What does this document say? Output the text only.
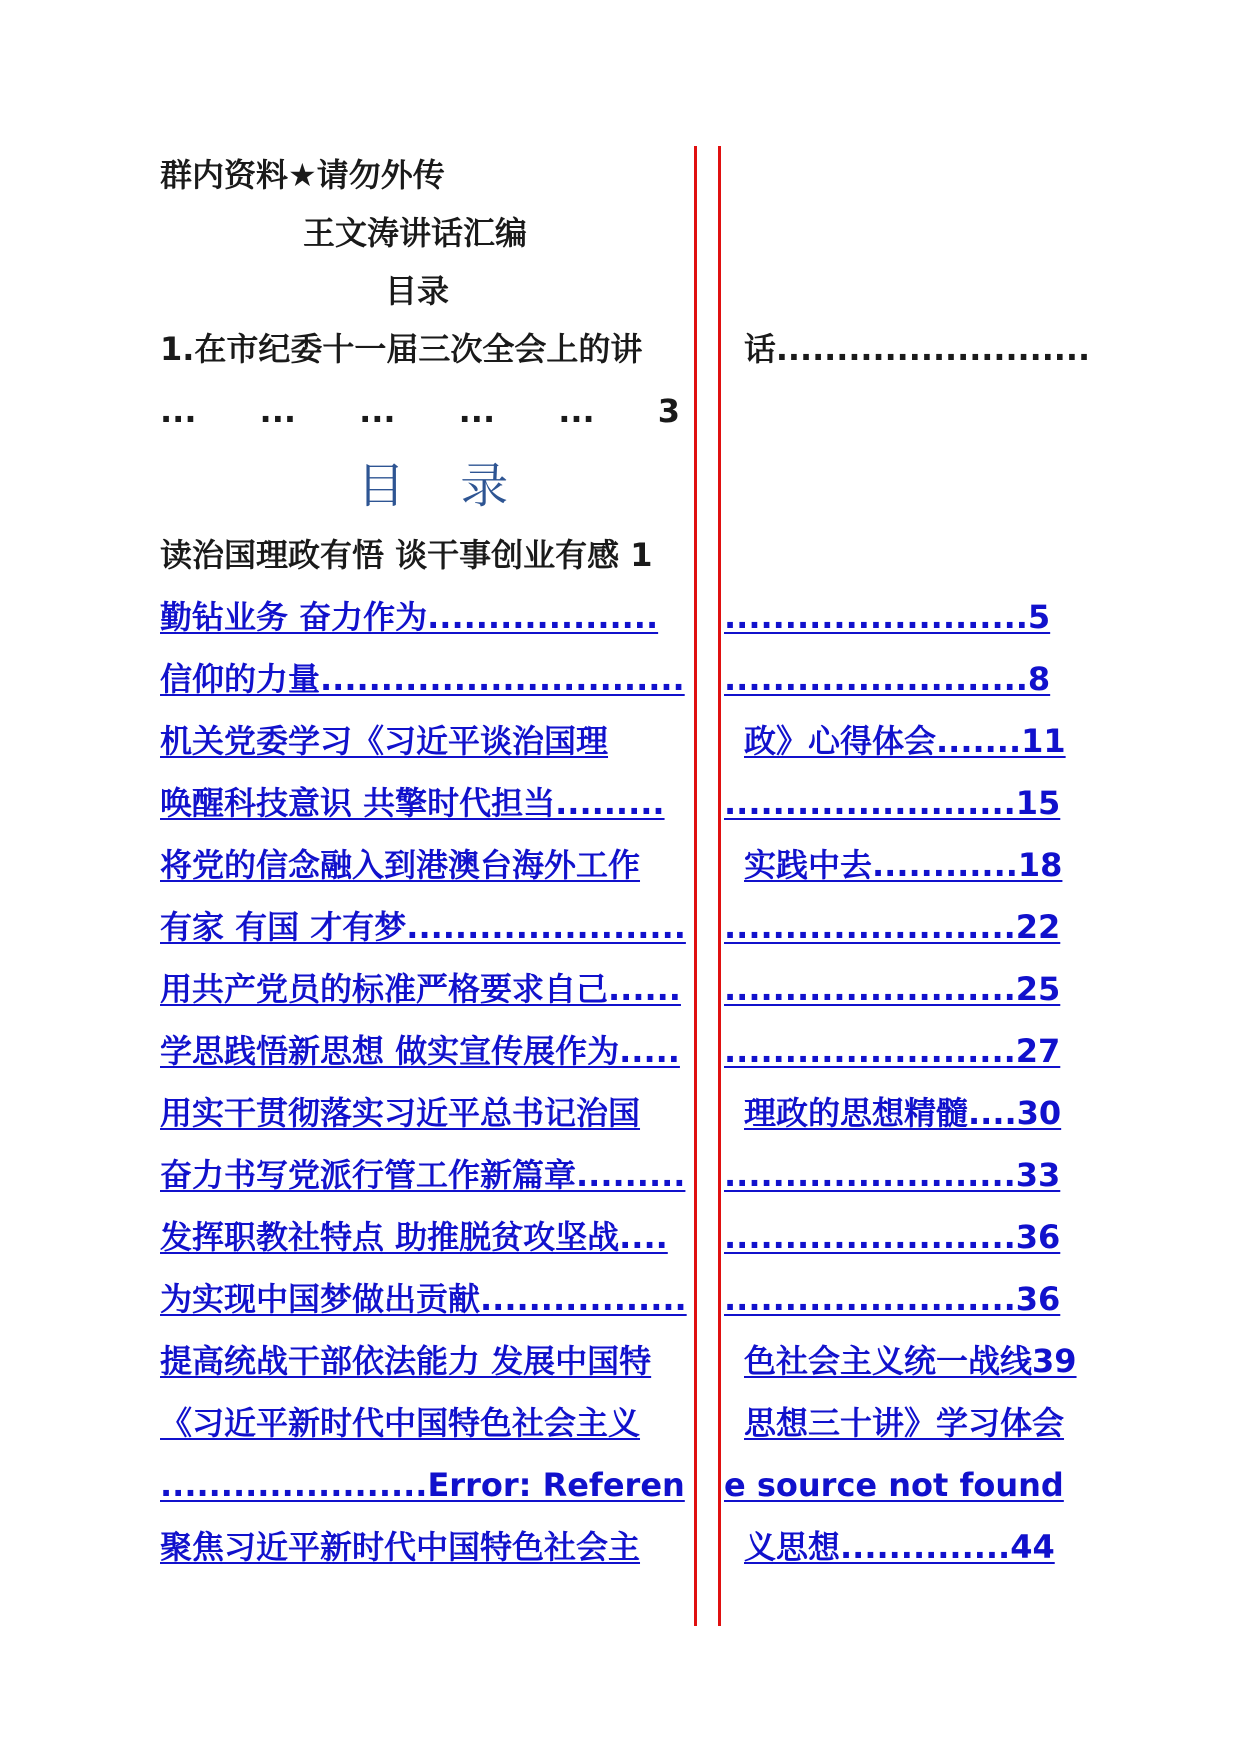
群内资料★请勿外传
王文涛讲话汇编
目录
1.在市纪委十一届三次全会上的讲	话..........................
... ... ... ... ... 3
目 录
读治国理政有悟 谈干事创业有感 1
勤钻业务 奋力作为................... .........................5
信仰的力量.............................. .........................8
机关党委学习《习近平谈治国理	政》心得体会.......11
唤醒科技意识 共擎时代担当......... ........................15
将党的信念融入到港澳台海外工作	实践中去............18
有家 有国 才有梦....................... ........................22
用共产党员的标准严格要求自己...... ........................25
学思践悟新思想 做实宣传展作为..... ........................27
用实干贯彻落实习近平总书记治国	理政的思想精髓....30
奋力书写党派行管工作新篇章......... ........................33
发挥职教社特点 助推脱贫攻坚战.... ........................36
为实现中国梦做出贡献................. ........................36
提高统战干部依法能力 发展中国特	色社会主义统一战线39
《习近平新时代中国特色社会主义	思想三十讲》学习体会
......................Error: Referen e source not found
聚焦习近平新时代中国特色社会主	义思想..............44
